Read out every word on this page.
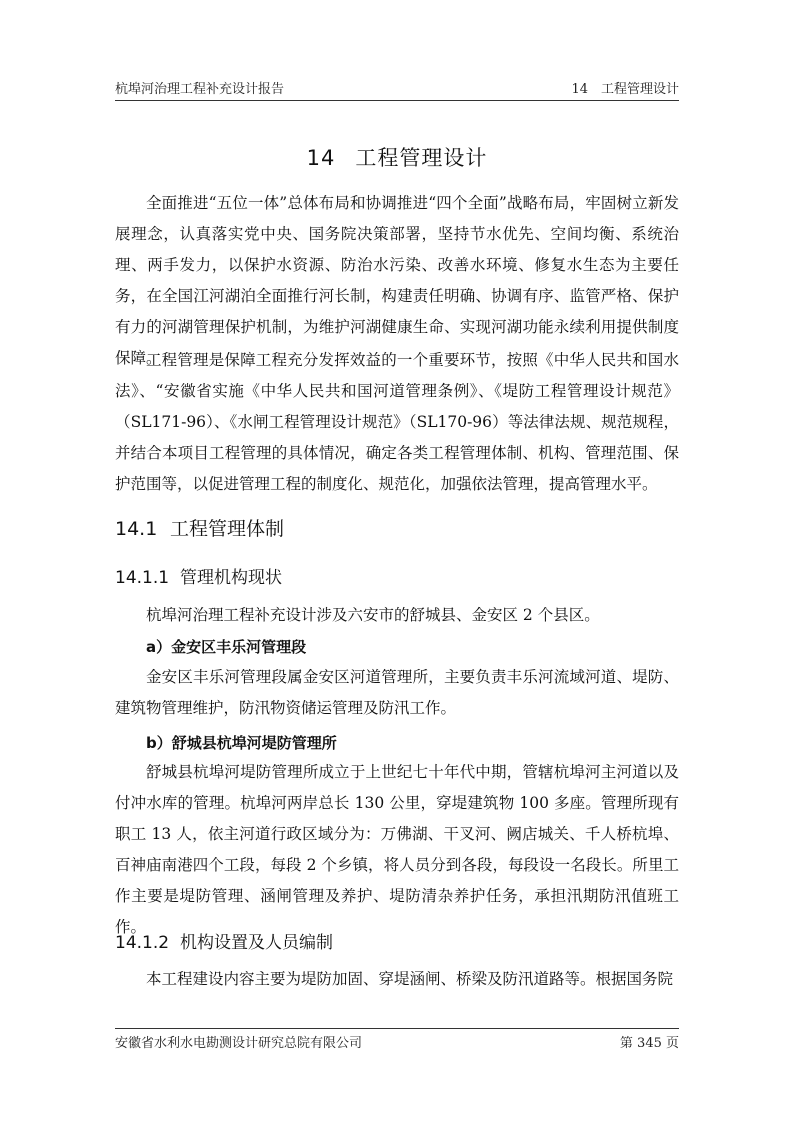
杭埠河治理工程补充设计报告	14　工程管理设计
14 工程管理设计

全面推进“五位一体”总体布局和协调推进“四个全面”战略布局，牢固树立新发展理念，认真落实党中央、国务院决策部署，坚持节水优先、空间均衡、系统治理、两手发力，以保护水资源、防治水污染、改善水环境、修复水生态为主要任务，在全国江河湖泊全面推行河长制，构建责任明确、协调有序、监管严格、保护有力的河湖管理保护机制，为维护河湖健康生命、实现河湖功能永续利用提供制度保障。

工程管理是保障工程充分发挥效益的一个重要环节，按照《中华人民共和国水法》、“安徽省实施《中华人民共和国河道管理条例》、《堤防工程管理设计规范》（SL171-96）、《水闸工程管理设计规范》（SL170-96）等法律法规、规范规程，并结合本项目工程管理的具体情况，确定各类工程管理体制、机构、管理范围、保护范围等，以促进管理工程的制度化、规范化，加强依法管理，提高管理水平。

14.1 工程管理体制
14.1.1 管理机构现状

杭埠河治理工程补充设计涉及六安市的舒城县、金安区 2 个县区。

a）金安区丰乐河管理段

金安区丰乐河管理段属金安区河道管理所，主要负责丰乐河流域河道、堤防、建筑物管理维护，防汛物资储运管理及防汛工作。

b）舒城县杭埠河堤防管理所

舒城县杭埠河堤防管理所成立于上世纪七十年代中期，管辖杭埠河主河道以及付冲水库的管理。杭埠河两岸总长 130 公里，穿堤建筑物 100 多座。管理所现有职工 13 人，依主河道行政区域分为：万佛湖、干叉河、阙店城关、千人桥杭埠、百神庙南港四个工段，每段 2 个乡镇，将人员分到各段，每段设一名段长。所里工作主要是堤防管理、涵闸管理及养护、堤防清杂养护任务，承担汛期防汛值班工作。

14.1.2 机构设置及人员编制

本工程建设内容主要为堤防加固、穿堤涵闸、桥梁及防汛道路等。根据国务院

安徽省水利水电勘测设计研究总院有限公司	第 345 页
